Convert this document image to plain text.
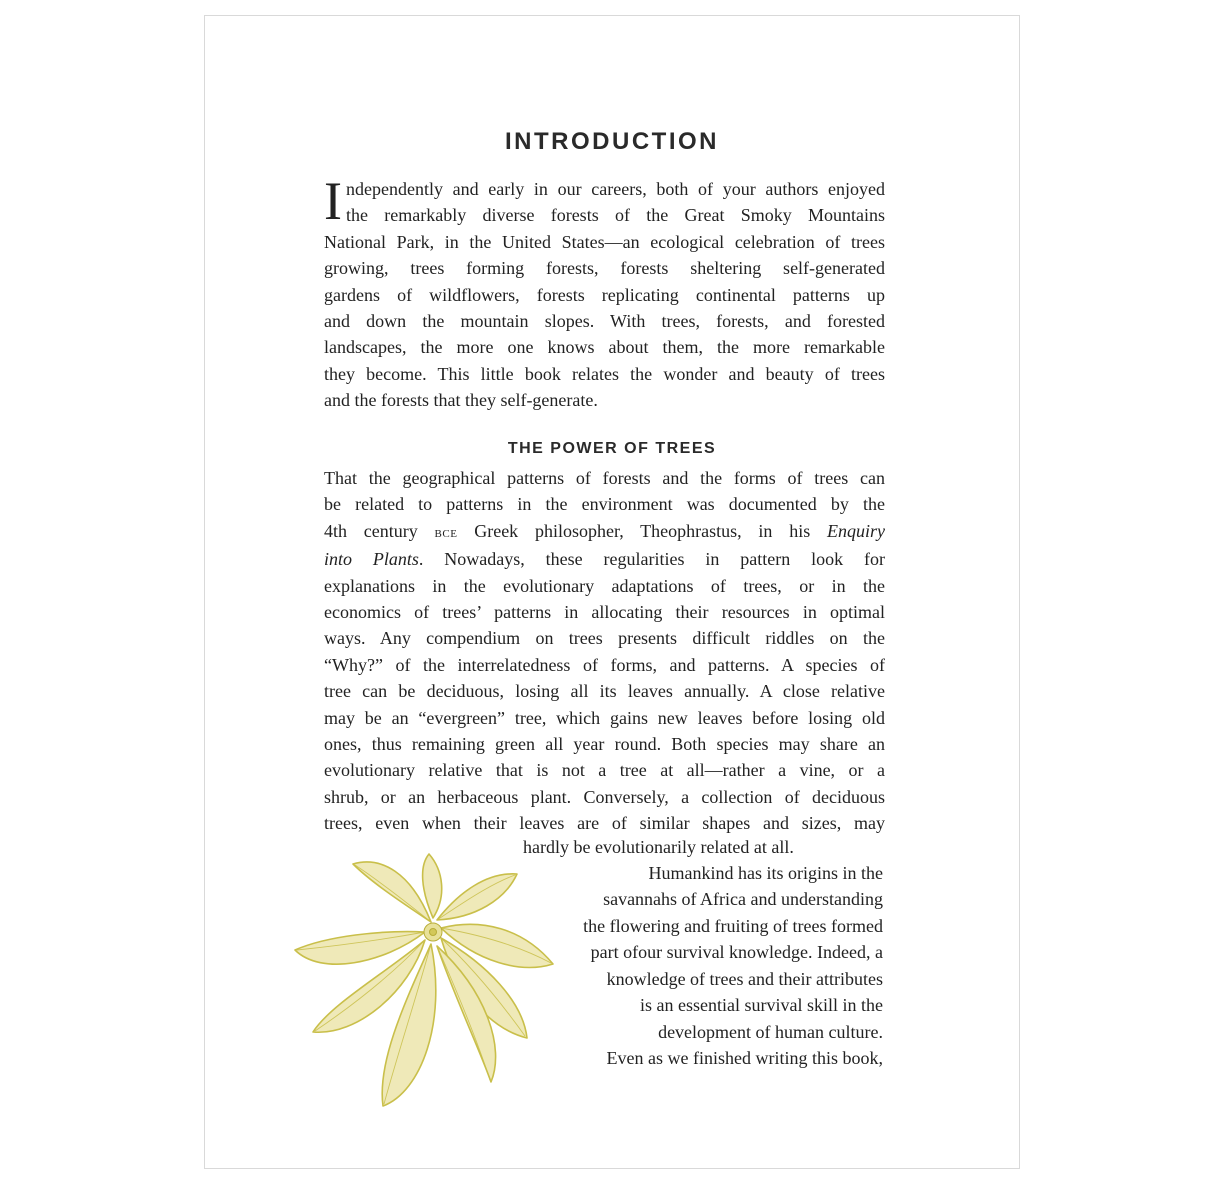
INTRODUCTION
I ndependently and early in our careers, both of your authors enjoyed
the remarkably diverse forests of the Great Smoky Mountains
National Park, in the United States—an ecological celebration of trees
growing, trees forming forests, forests sheltering self-generated
gardens of wildflowers, forests replicating continental patterns up
and down the mountain slopes. With trees, forests, and forested
landscapes, the more one knows about them, the more remarkable
they become. This little book relates the wonder and beauty of trees
and the forests that they self-generate.
THE POWER OF TREES
That the geographical patterns of forests and the forms of trees can
be related to patterns in the environment was documented by the
4th century bce Greek philosopher, Theophrastus, in his Enquiry
into Plants. Nowadays, these regularities in pattern look for
explanations in the evolutionary adaptations of trees, or in the
economics of trees’ patterns in allocating their resources in optimal
ways. Any compendium on trees presents difficult riddles on the
“Why?” of the interrelatedness of forms, and patterns. A species of
tree can be deciduous, losing all its leaves annually. A close relative
may be an “evergreen” tree, which gains new leaves before losing old
ones, thus remaining green all year round. Both species may share an
evolutionary relative that is not a tree at all—rather a vine, or a
shrub, or an herbaceous plant. Conversely, a collection of deciduous
trees, even when their leaves are of similar shapes and sizes, may
hardly be evolutionarily related at all.
Humankind has its origins in the
savannahs of Africa and understanding
the flowering and fruiting of trees formed
part ofour survival knowledge. Indeed, a
knowledge of trees and their attributes
is an essential survival skill in the
development of human culture.
Even as we finished writing this book,
